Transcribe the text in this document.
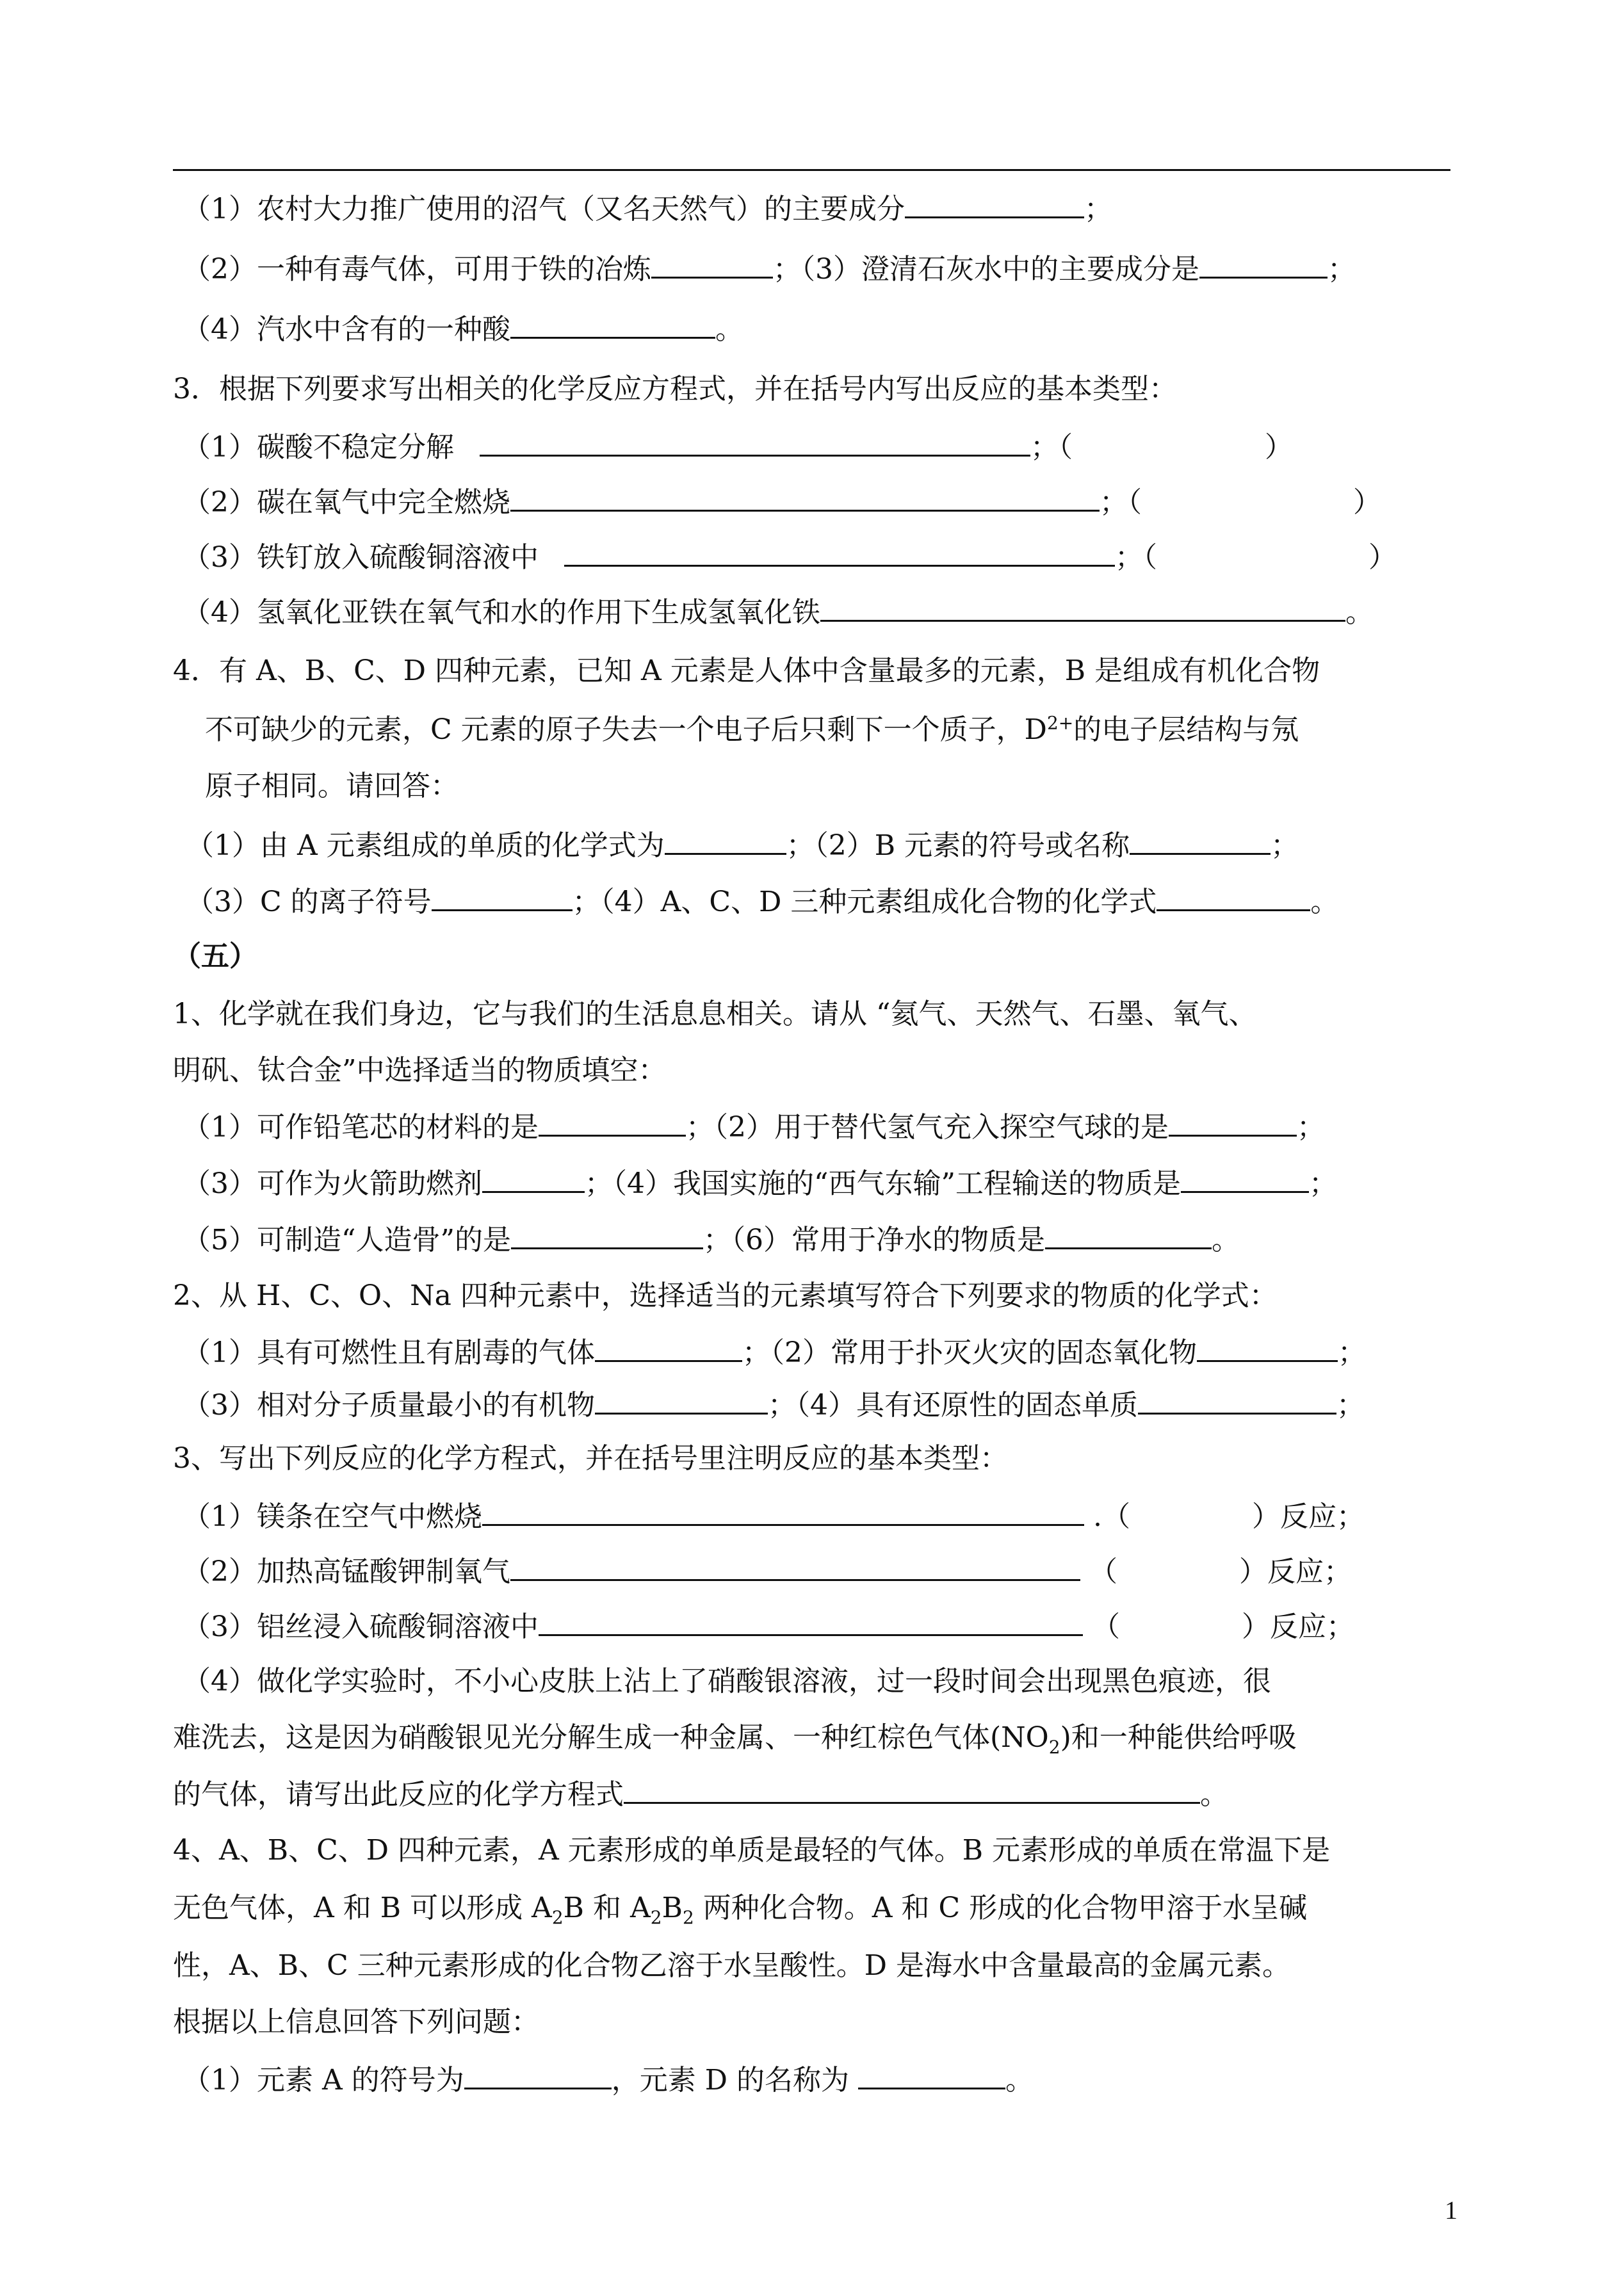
（1）农村大力推广使用的沼气（又名天然气）的主要成分	；
（2）一种有毒气体，可用于铁的冶炼	；（3）澄清石灰水中的主要成分是	；
（4）汽水中含有的一种酸	。
3．根据下列要求写出相关的化学反应方程式，并在括号内写出反应的基本类型：
（1）碳酸不稳定分解	；（	）
（2）碳在氧气中完全燃烧	；（	）
（3）铁钉放入硫酸铜溶液中	；（	）
（4）氢氧化亚铁在氧气和水的作用下生成氢氧化铁	。
4．有 A、B、C、D 四种元素，已知 A 元素是人体中含量最多的元素，B 是组成有机化合物
不可缺少的元素，C 元素的原子失去一个电子后只剩下一个质子，$D^{2+}$的电子层结构与氖
原子相同。请回答：
（1）由 A 元素组成的单质的化学式为	；（2）B 元素的符号或名称	；
（3）C 的离子符号	；（4）A、C、D 三种元素组成化合物的化学式	。
（五）
1、化学就在我们身边，它与我们的生活息息相关。请从 “氦气、天然气、石墨、氧气、
明矾、钛合金”中选择适当的物质填空：
（1）可作铅笔芯的材料的是	；（2）用于替代氢气充入探空气球的是	；
（3）可作为火箭助燃剂	；（4）我国实施的“西气东输”工程输送的物质是	；
（5）可制造“人造骨”的是	；（6）常用于净水的物质是	。
2、从 H、C、O、Na 四种元素中，选择适当的元素填写符合下列要求的物质的化学式：
（1）具有可燃性且有剧毒的气体	；（2）常用于扑灭火灾的固态氧化物	；
（3）相对分子质量最小的有机物	；（4）具有还原性的固态单质	；
3、写出下列反应的化学方程式，并在括号里注明反应的基本类型：
（1）镁条在空气中燃烧	.（	）反应；
（2）加热高锰酸钾制氧气	（	）反应；
（3）铝丝浸入硫酸铜溶液中	（	）反应；
（4）做化学实验时，不小心皮肤上沾上了硝酸银溶液，过一段时间会出现黑色痕迹，很
难洗去，这是因为硝酸银见光分解生成一种金属、一种红棕色气体$(NO_2)$和一种能供给呼吸
的气体，请写出此反应的化学方程式	。
4、A、B、C、D 四种元素，A 元素形成的单质是最轻的气体。B 元素形成的单质在常温下是
无色气体，A 和 B 可以形成 $A_2B$ 和 $A_2B_2$ 两种化合物。A 和 C 形成的化合物甲溶于水呈碱
性，A、B、C 三种元素形成的化合物乙溶于水呈酸性。D 是海水中含量最高的金属元素。
根据以上信息回答下列问题：
（1）元素 A 的符号为	，元素 D 的名称为	。
1
